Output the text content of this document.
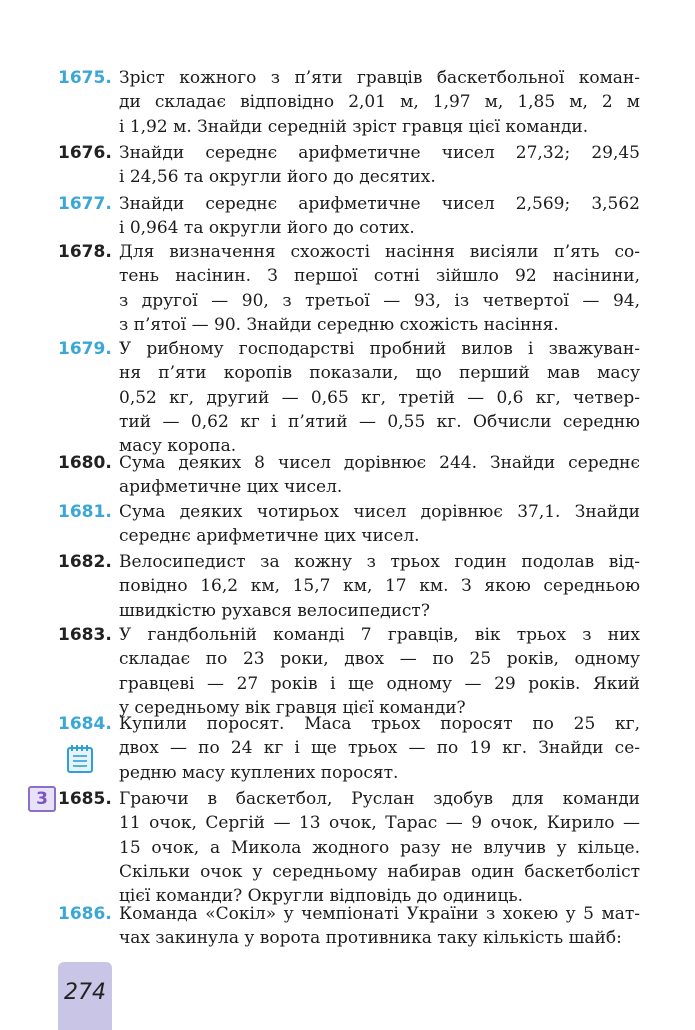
1675. Зріст кожного з п’яти гравців баскетбольної коман-
ди складає відповідно 2,01 м, 1,97 м, 1,85 м, 2 м
і 1,92 м. Знайди середній зріст гравця цієї команди.
1676. Знайди середнє арифметичне чисел 27,32; 29,45
і 24,56 та округли його до десятих.
1677. Знайди середнє арифметичне чисел 2,569; 3,562
і 0,964 та округли його до сотих.
1678. Для визначення схожості насіння висіяли п’ять со-
тень насінин. З першої сотні зійшло 92 насінини,
з другої — 90, з третьої — 93, із четвертої — 94,
з п’ятої — 90. Знайди середню схожість насіння.
1679. У рибному господарстві пробний вилов і зважуван-
ня п’яти коропів показали, що перший мав масу
0,52 кг, другий — 0,65 кг, третій — 0,6 кг, четвер-
тий — 0,62 кг і п’ятий — 0,55 кг. Обчисли середню
масу коропа.
1680. Сума деяких 8 чисел дорівнює 244. Знайди середнє
арифметичне цих чисел.
1681. Сума деяких чотирьох чисел дорівнює 37,1. Знайди
середнє арифметичне цих чисел.
1682. Велосипедист за кожну з трьох годин подолав від-
повідно 16,2 км, 15,7 км, 17 км. З якою середньою
швидкістю рухався велосипедист?
1683. У гандбольній команді 7 гравців, вік трьох з них
складає по 23 роки, двох — по 25 років, одному
гравцеві — 27 років і ще одному — 29 років. Який
у середньому вік гравця цієї команди?
1684. Купили поросят. Маса трьох поросят по 25 кг,
двох — по 24 кг і ще трьох — по 19 кг. Знайди се-
редню масу куплених поросят.
1685. Граючи в баскетбол, Руслан здобув для команди
11 очок, Сергій — 13 очок, Тарас — 9 очок, Кирило —
15 очок, а Микола жодного разу не влучив у кільце.
Скільки очок у середньому набирав один баскетболіст
цієї команди? Округли відповідь до одиниць.
1686. Команда «Сокіл» у чемпіонаті України з хокею у 5 мат-
чах закинула у ворота противника таку кількість шайб:
3
274
